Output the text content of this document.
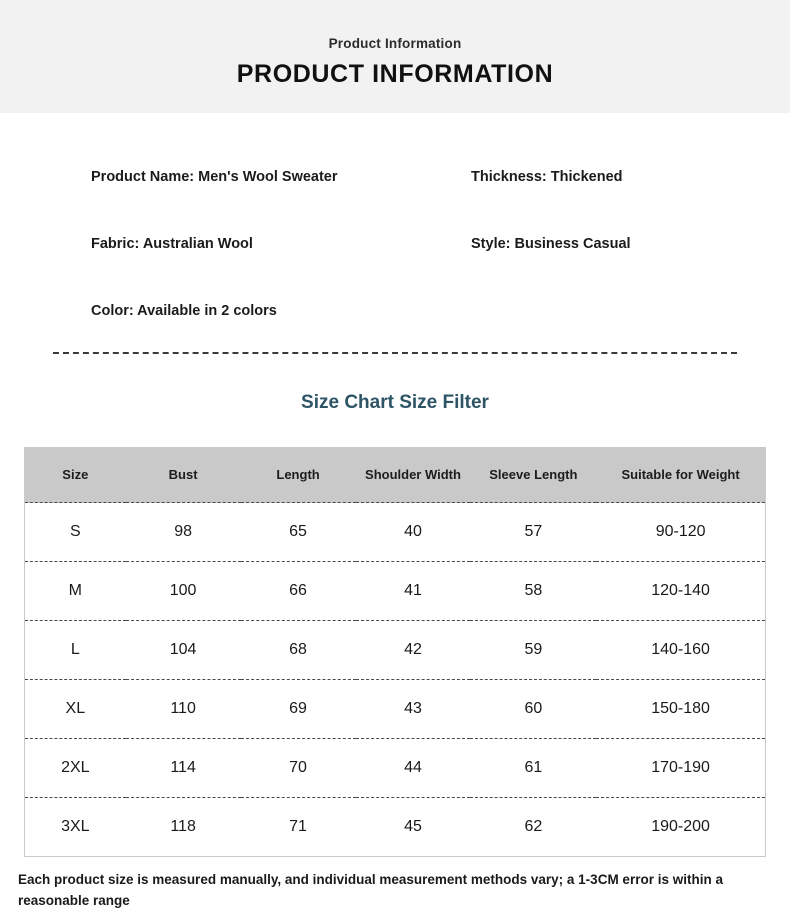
Product Information
PRODUCT INFORMATION
Product Name: Men's Wool Sweater	Thickness: Thickened
Fabric: Australian Wool	Style: Business Casual
Color: Available in 2 colors
Size Chart Size Filter
Size	Bust	Length	Shoulder Width	Sleeve Length	Suitable for Weight
S	98	65	40	57	90-120
M	100	66	41	58	120-140
L	104	68	42	59	140-160
XL	110	69	43	60	150-180
2XL	114	70	44	61	170-190
3XL	118	71	45	62	190-200
Each product size is measured manually, and individual measurement methods vary; a 1-3CM error is within a reasonable range
